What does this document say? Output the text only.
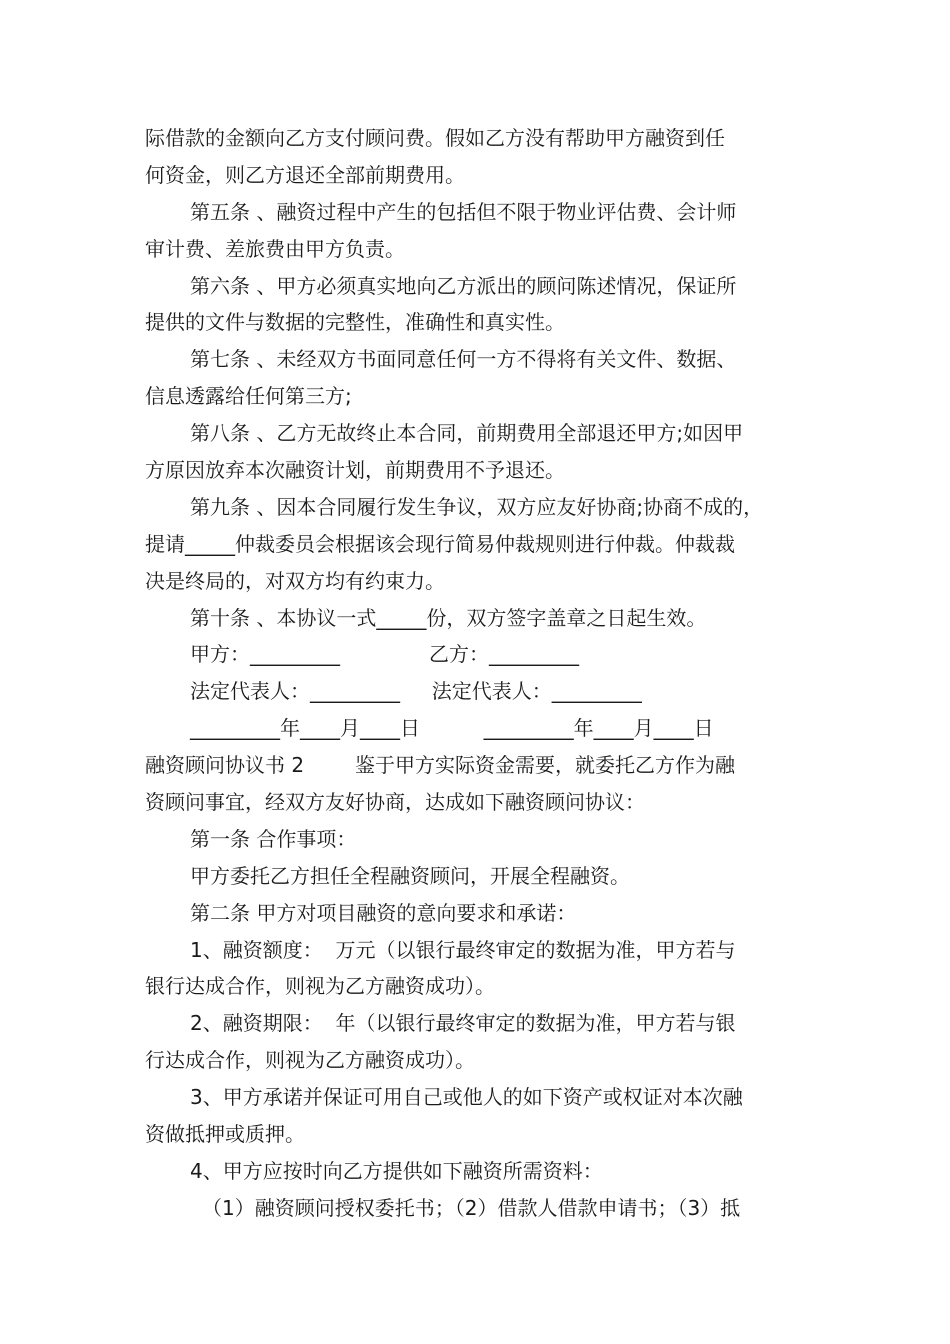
际借款的金额向乙方支付顾问费。假如乙方没有帮助甲方融资到任
何资金，则乙方退还全部前期费用。
第五条 、融资过程中产生的包括但不限于物业评估费、会计师
审计费、差旅费由甲方负责。
第六条 、甲方必须真实地向乙方派出的顾问陈述情况，保证所
提供的文件与数据的完整性，准确性和真实性。
第七条 、未经双方书面同意任何一方不得将有关文件、数据、
信息透露给任何第三方;
第八条 、乙方无故终止本合同，前期费用全部退还甲方;如因甲
方原因放弃本次融资计划，前期费用不予退还。
第九条 、因本合同履行发生争议，双方应友好协商;协商不成的，
提请_____仲裁委员会根据该会现行简易仲裁规则进行仲裁。仲裁裁
决是终局的，对双方均有约束力。
第十条 、本协议一式_____份，双方签字盖章之日起生效。
甲方：_________              乙方：_________
法定代表人：_________     法定代表人：_________
_________年____月____日          _________年____月____日
融资顾问协议书 2        鉴于甲方实际资金需要，就委托乙方作为融
资顾问事宜，经双方友好协商，达成如下融资顾问协议：
第一条 合作事项：
甲方委托乙方担任全程融资顾问，开展全程融资。
第二条 甲方对项目融资的意向要求和承诺：
1、融资额度：  万元（以银行最终审定的数据为准，甲方若与
银行达成合作，则视为乙方融资成功）。
2、融资期限：  年（以银行最终审定的数据为准，甲方若与银
行达成合作，则视为乙方融资成功）。
3、甲方承诺并保证可用自己或他人的如下资产或权证对本次融
资做抵押或质押。
4、甲方应按时向乙方提供如下融资所需资料：
（1）融资顾问授权委托书；（2）借款人借款申请书；（3）抵
